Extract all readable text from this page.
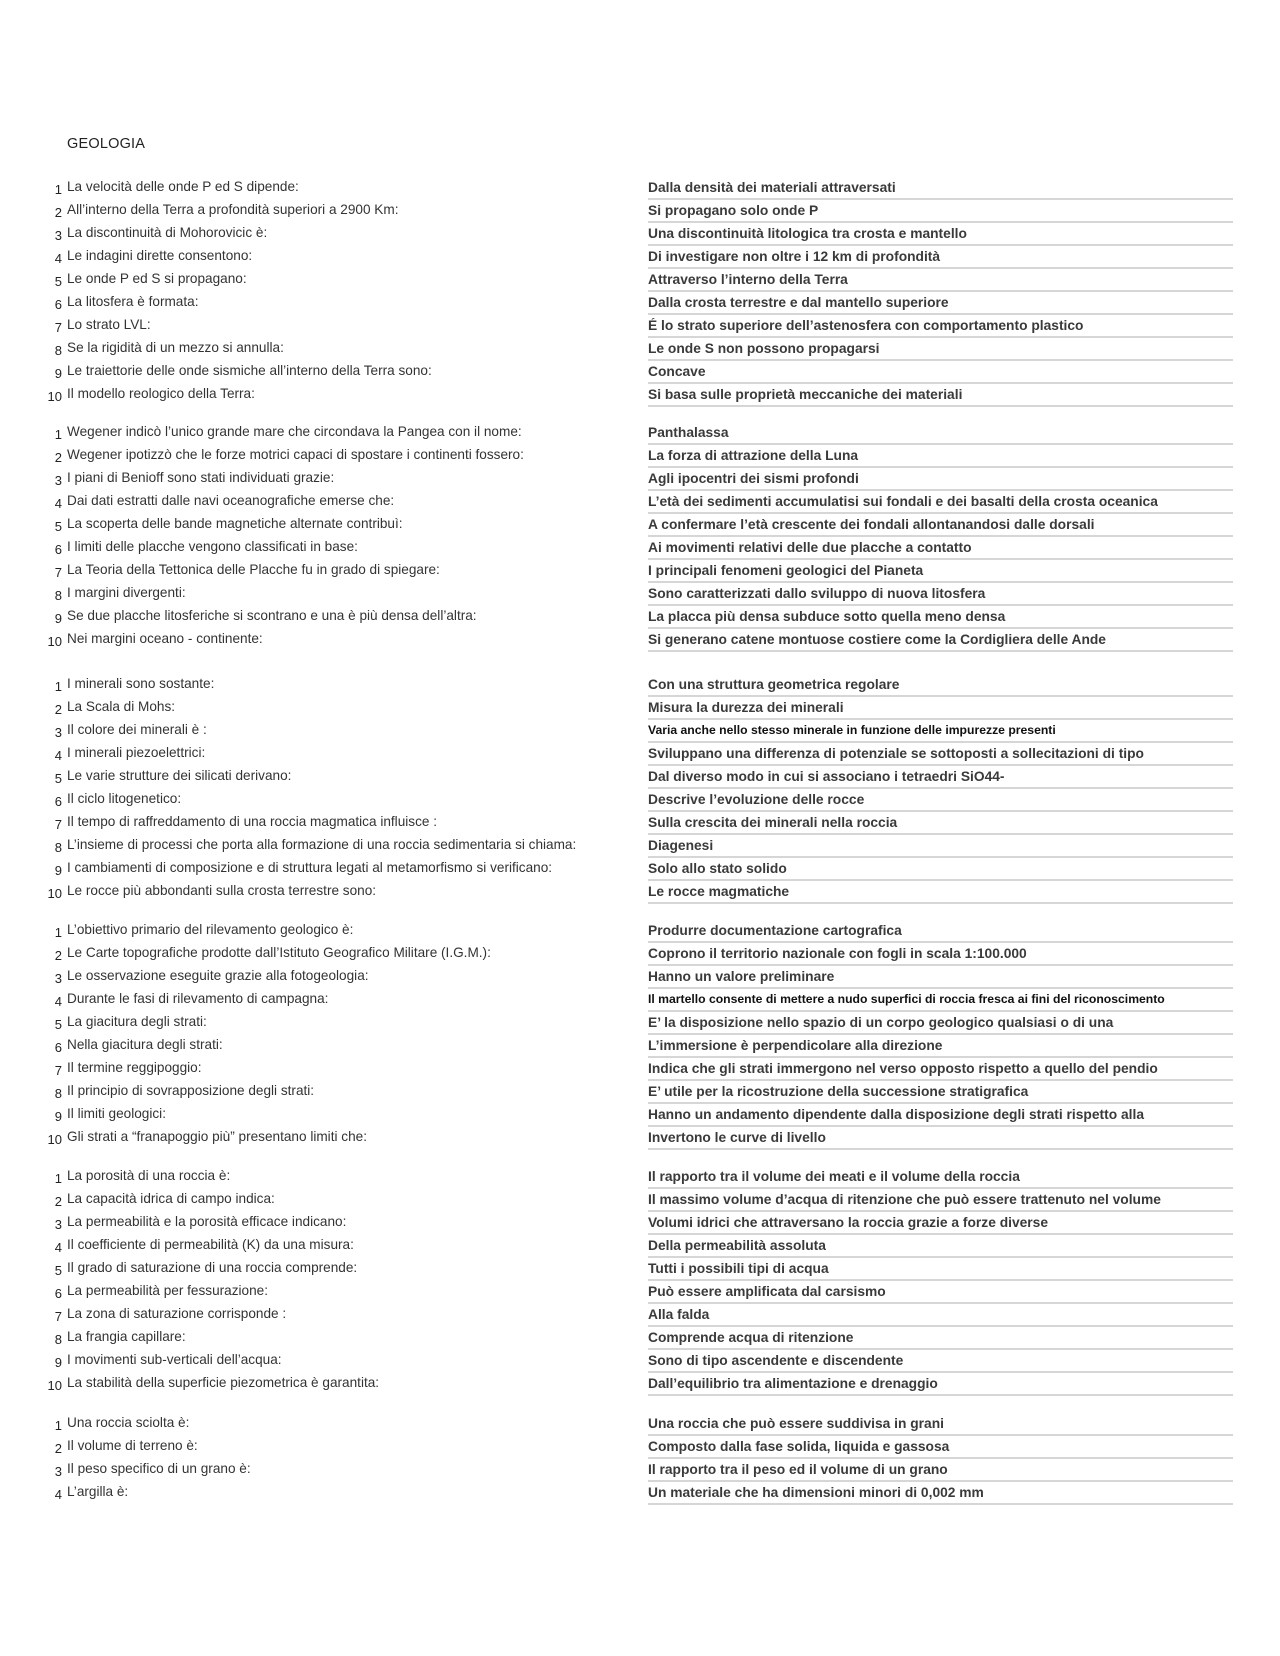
GEOLOGIA
1 La velocità delle onde P ed S dipende:	Dalla densità dei materiali attraversati
2 All’interno della Terra a profondità superiori a 2900 Km:	Si propagano solo onde P
3 La discontinuità di Mohorovicic è:	Una discontinuità litologica tra crosta e mantello
4 Le indagini dirette consentono:	Di investigare non oltre i 12 km di profondità
5 Le onde P ed S si propagano:	Attraverso l’interno della Terra
6 La litosfera è formata:	Dalla crosta terrestre e dal mantello superiore
7 Lo strato LVL:	É lo strato superiore dell’astenosfera con comportamento plastico
8 Se la rigidità di un mezzo si annulla:	Le onde S non possono propagarsi
9 Le traiettorie delle onde sismiche all’interno della Terra sono:	Concave
10 Il modello reologico della Terra:	Si basa sulle proprietà meccaniche dei materiali
1 Wegener indicò l’unico grande mare che circondava la Pangea con il nome:	Panthalassa
2 Wegener ipotizzò che le forze motrici capaci di spostare i continenti fossero:	La forza di attrazione della Luna
3 I piani di Benioff sono stati individuati grazie:	Agli ipocentri dei sismi profondi
4 Dai dati estratti dalle navi oceanografiche emerse che:	L’età dei sedimenti accumulatisi sui fondali e dei basalti della crosta oceanica
5 La scoperta delle bande magnetiche alternate contribuì:	A confermare l’età crescente dei fondali allontanandosi dalle dorsali
6 I limiti delle placche vengono classificati in base:	Ai movimenti relativi delle due placche a contatto
7 La Teoria della Tettonica delle Placche fu in grado di spiegare:	I principali fenomeni geologici del Pianeta
8 I margini divergenti:	Sono caratterizzati dallo sviluppo di nuova litosfera
9 Se due placche litosferiche si scontrano e una è più densa dell’altra:	La placca più densa subduce sotto quella meno densa
10 Nei margini oceano - continente:	Si generano catene montuose costiere come la Cordigliera delle Ande
1 I minerali sono sostante:	Con una struttura geometrica regolare
2 La Scala di Mohs:	Misura la durezza dei minerali
3 Il colore dei minerali è :	Varia anche nello stesso minerale in funzione delle impurezze presenti
4 I minerali piezoelettrici:	Sviluppano una differenza di potenziale se sottoposti a sollecitazioni di tipo
5 Le varie strutture dei silicati derivano:	Dal diverso modo in cui si associano i tetraedri SiO44-
6 Il ciclo litogenetico:	Descrive l’evoluzione delle rocce
7 Il tempo di raffreddamento di una roccia magmatica influisce :	Sulla crescita dei minerali nella roccia
8 L’insieme di processi che porta alla formazione di una roccia sedimentaria si chiama:	Diagenesi
9 I cambiamenti di composizione e di struttura legati al metamorfismo si verificano:	Solo allo stato solido
10 Le rocce più abbondanti sulla crosta terrestre sono:	Le rocce magmatiche
1 L’obiettivo primario del rilevamento geologico è:	Produrre documentazione cartografica
2 Le Carte topografiche prodotte dall’Istituto Geografico Militare (I.G.M.):	Coprono il territorio nazionale con fogli in scala 1:100.000
3 Le osservazione eseguite grazie alla fotogeologia:	Hanno un valore preliminare
4 Durante le fasi di rilevamento di campagna:	Il martello consente di mettere a nudo superfici di roccia fresca ai fini del riconoscimento
5 La giacitura degli strati:	E’ la disposizione nello spazio di un corpo geologico qualsiasi o di una
6 Nella giacitura degli strati:	L’immersione è perpendicolare alla direzione
7 Il termine reggipoggio:	Indica che gli strati immergono nel verso opposto rispetto a quello del pendio
8 Il principio di sovrapposizione degli strati:	E’ utile per la ricostruzione della successione stratigrafica
9 Il limiti geologici:	Hanno un andamento dipendente dalla disposizione degli strati rispetto alla
10 Gli strati a “franapoggio più” presentano limiti che:	Invertono le curve di livello
1 La porosità di una roccia è:	Il rapporto tra il volume dei meati e il volume della roccia
2 La capacità idrica di campo indica:	Il massimo volume d’acqua di ritenzione che può essere trattenuto nel volume
3 La permeabilità e la porosità efficace indicano:	Volumi idrici che attraversano la roccia grazie a forze diverse
4 Il coefficiente di permeabilità (K) da una misura:	Della permeabilità assoluta
5 Il grado di saturazione di una roccia comprende:	Tutti i possibili tipi di acqua
6 La permeabilità per fessurazione:	Può essere amplificata dal carsismo
7 La zona di saturazione corrisponde :	Alla falda
8 La frangia capillare:	Comprende acqua di ritenzione
9 I movimenti sub-verticali dell’acqua:	Sono di tipo ascendente e discendente
10 La stabilità della superficie piezometrica è garantita:	Dall’equilibrio tra alimentazione e drenaggio
1 Una roccia sciolta è:	Una roccia che può essere suddivisa in grani
2 Il volume di terreno è:	Composto dalla fase solida, liquida e gassosa
3 Il peso specifico di un grano è:	Il rapporto tra il peso ed il volume di un grano
4 L’argilla è:	Un materiale che ha dimensioni minori di 0,002 mm
